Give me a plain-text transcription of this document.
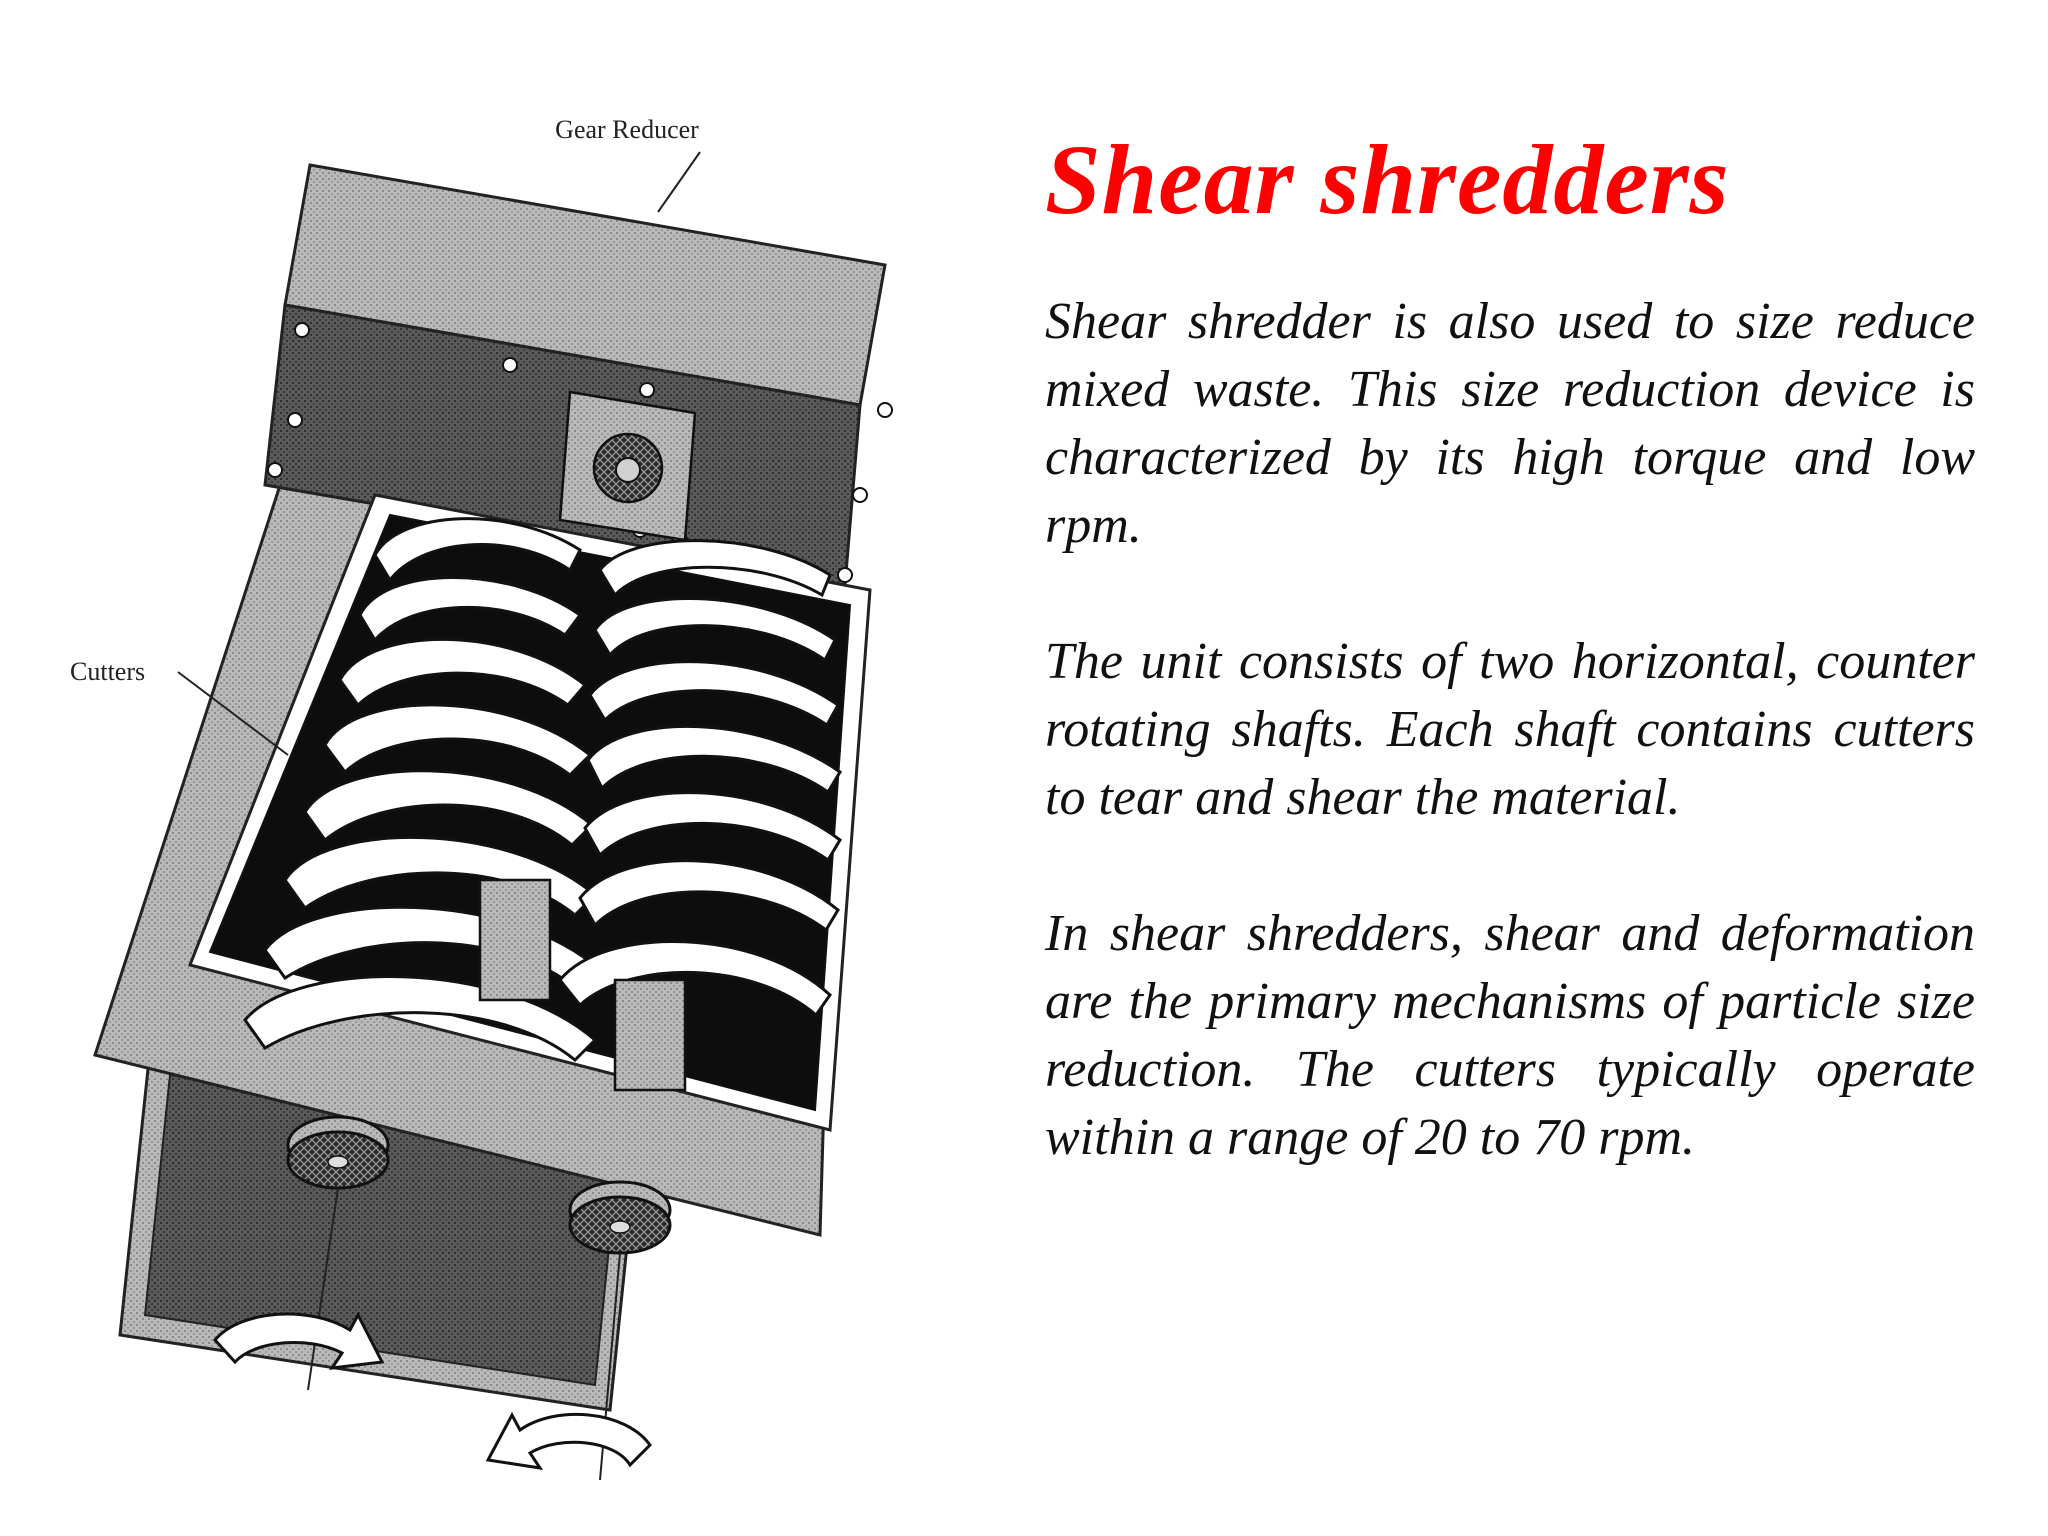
Gear Reducer
Cutters
Shear shredders

Shear shredder is also used to size reduce mixed waste. This size reduction device is characterized by its high torque and low rpm.

The unit consists of two horizontal, counter rotating shafts. Each shaft contains cutters to tear and shear the material.

In shear shredders, shear and deformation are the primary mechanisms of particle size reduction. The cutters typically operate within a range of 20 to 70 rpm.
